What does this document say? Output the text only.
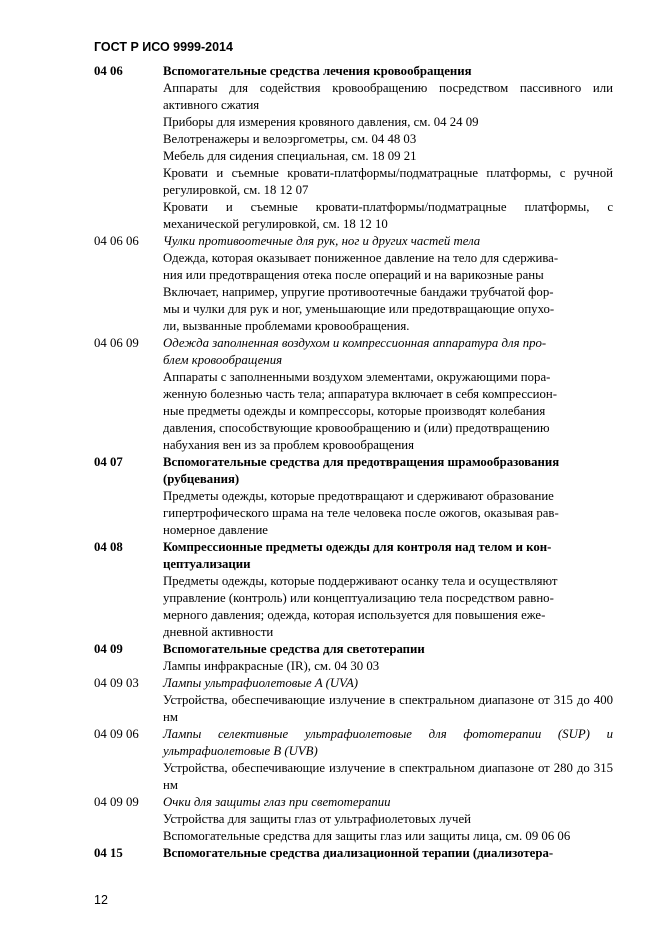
ГОСТ Р ИСО 9999-2014
04 06	Вспомогательные средства лечения кровообращения
Аппараты для содействия кровообращению посредством пассивного или активного сжатия
Приборы для измерения кровяного давления, см. 04 24 09
Велотренажеры и велоэргометры, см. 04 48 03
Мебель для сидения специальная, см. 18 09 21
Кровати и съемные кровати-платформы/подматрацные платформы, с ручной регулировкой, см. 18 12 07
Кровати и съемные кровати-платформы/подматрацные платформы, с механической регулировкой, см. 18 12 10
04 06 06	Чулки противоотечные для рук, ног и других частей тела
Одежда, которая оказывает пониженное давление на тело для сдержива-
ния или предотвращения отека после операций и на варикозные раны
Включает, например, упругие противоотечные бандажи трубчатой фор-
мы и чулки для рук и ног, уменьшающие или предотвращающие опухо-
ли, вызванные проблемами кровообращения.
04 06 09	Одежда заполненная воздухом и компрессионная аппаратура для про-
блем кровообращения
Аппараты с заполненными воздухом элементами, окружающими пора-
женную болезнью часть тела; аппаратура включает в себя компрессион-
ные предметы одежды и компрессоры, которые производят колебания
давления, способствующие кровообращению и (или) предотвращению
набухания вен из за проблем кровообращения
04 07	Вспомогательные средства для предотвращения шрамообразования
(рубцевания)
Предметы одежды, которые предотвращают и сдерживают образование
гипертрофического шрама на теле человека после ожогов, оказывая рав-
номерное давление
04 08	Компрессионные предметы одежды для контроля над телом и кон-
цептуализации
Предметы одежды, которые поддерживают осанку тела и осуществляют
управление (контроль) или концептуализацию тела посредством равно-
мерного давления; одежда, которая используется для повышения еже-
дневной активности
04 09	Вспомогательные средства для светотерапии
Лампы инфракрасные (IR), см. 04 30 03
04 09 03	Лампы ультрафиолетовые A (UVA)
Устройства, обеспечивающие излучение в спектральном диапазоне от 315 до 400 нм
04 09 06	Лампы селективные ультрафиолетовые для фототерапии (SUP) и ультрафиолетовые B (UVB)
Устройства, обеспечивающие излучение в спектральном диапазоне от 280 до 315 нм
04 09 09	Очки для защиты глаз при светотерапии
Устройства для защиты глаз от ультрафиолетовых лучей
Вспомогательные средства для защиты глаз или защиты лица, см. 09 06 06
04 15	Вспомогательные средства диализационной терапии (диализотера-
12
